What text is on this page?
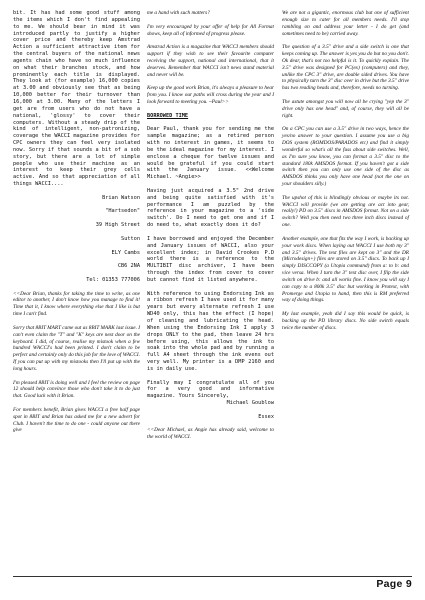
bit. It has had some good stuff among the items which I don't find appealing to me. We should bear in mind it was introduced partly to justify a higher cover price and thereby keep Amstrad Action a sufficient attractive item for the central buyers of the national news agents chain who have so much influence on what their branches stock, and how prominently each title is displayed. They look at (for example) 16,000 copies at 3.00 and obviously see that as being 10,000 better for their turnover than 16,000 at 3.00. Many of the letters I get are from users who do not have a national, 'glossy' to cover their computers. Without a steady drip of the kind of intelligent, non-patronizing, coverage the WACCI magazine provides for CPC owners they can feel very isolated now. Sorry if that sounds a bit of a sob story, but there are a lot of simple people who use their machine as an interest to keep their grey cells active. And so that appreciation of all things WACCI....

Brian Watson

"Hartsedon"

39 High Street

Sutton

ELY Cambs

CB6 2NA

Tel: 01353 777006

<<Dear Brian, thanks for taking the time to write, as one editor to another, I don't know how you manage to find it! Time that it, I know where everything else that I like is but time I can't find.

Sorry that 8BIT MART came out as 8BIT MARK last issue. I can't even claim the "T" and "K" keys are next door on the keyboard. I did, of course, realise my mistook when a few hundred WACCI's had been printed. I don't claim to be perfect and certainly only do this job for the love of WACCI. If you can put up with my mistooks then I'll put up with the long hours.

I'm pleased 8BIT is doing well and I feel the review on page 12 should help convince those who don't take it to do just that. Good luck with it Brian.

For members benefit, Brian gives WACCI a free half page spot in 8BIT and Brian has asked me for a new advert for Club. I haven't the time to do one - could anyone out there give

me a hand with such matters?

I'm very encouraged by your offer of help for All Format shows, keep all of informed of progress please.

Amstrad Action is a magazine that WACCI members should support if they wish to see their favourite computer receiving the support, national and international, that it deserves. Remember that WACCI isn't news stand material and never will be.

Keep up the good work Brian, it's always a pleasure to hear from you. I know our paths will cross during the year and I look forward to meeting you. ~Paul>>

BORROWED TIME

Dear Paul, thank you for sending me the sample magazine; as a retired person with no interest in games, it seems to be the ideal magazine for my interest. I enclose a cheque for twelve issues and would be grateful if you could start with the January issue. <<Welcome Michael. ~Angie>>

Having just acquired a 3.5" 2nd drive and being quite satisfied with it's performance I am puzzled by the reference in your magazine to a 'side switch'. Do I need to get one and if I do need to, what exactly does it do?

I have borrowed and enjoyed the December and January issues of WACCI, also your excellent index; in David Crookes P.D world there is a reference to the MULTIBIT disc archiver, I have been through the index from cover to cover but cannot find it listed anywhere.

With reference to using Endorsing Ink as a ribbon refresh I have used it for many years but every alternate refresh I use WD40 only, this has the effect (I hope) of cleaning and lubricating the head. When using the Endorsing Ink I apply 3 drops ONLY to the pad, then leave 24 hrs before using, this allows the ink to soak into the whole pad and by running a full A4 sheet through the ink evens out very well. My printer is a DMP 2160 and is in daily use.

Finally may I congratulate all of you for a very good and informative magazine. Yours Sincerely,

Michael Goublow

Essex

<<Dear Michael, as Angie has already said, welcome to the world of WACCI.

We are not a gigantic, enormous club but one of sufficient enough size to cater for all members needs. I'll stop rambling on and address your letter - I do get (and sometimes need to be) carried away.

The question of a 3.5" drive and a side switch is one that keeps coming up. The answer is yes you do but no you don't. Ok dear, that's not too helpful is it. To quickly explain. The 3.5" drive was designed for PC(ex) (computers) and they, unlike the CPC 3" drive, are double sided drives. You have to physically turn the 3" disc over in drive but the 3.5" drive has two reading heads and, therefore, needs no turning.

The astute amongst you will now all be crying "yep the 3" drive only has one head" and, of course, they will all be right.

On a CPC you can use a 3.5" drive in two ways, hence the yes/no answer to your question. I assume you use a big DOS system (ROMDOS/PARADOS etc) and find it simply wonderful so what's all the fuss about side switches. Well, as I'm sure you know, you can format a 3.5" disc to the standard 180k AMSDOS format. If you haven't got a side switch then you can only use one side of the disc as AMSDOS thinks you only have one head (not the one on your shoulders silly.)

The upshot of this is blindingly obvious or maybe its not. WACCI will provide (we are getting are act into gear, really!) PD on 3.5" discs in AMSDOS format. Not on a side switch? Well you then need two three inch discs instead of one.

Another example, one that fits the way I work, is backing up your work discs. When laying out WACCI I use both my 3" and 3.5" drives. The text files are kept on 3" and the DR (Microdesign+) files are stored on 3.5" discs. To back up I simply DISCCOPY (a Utopia command) from a: to b: and vice versa. When I turn the 3" text disc over, I flip the side switch on drive b: and all works fine. I know you will say I can copy to a 800k 3.5" disc but working in Protext, with Promerge and Utopia to hand, then this is RM preferred way of doing things.

My last example, yeah did I say this would be quick, is backing up the PD library discs. No side switch equals twice the number of discs.

Page 9
